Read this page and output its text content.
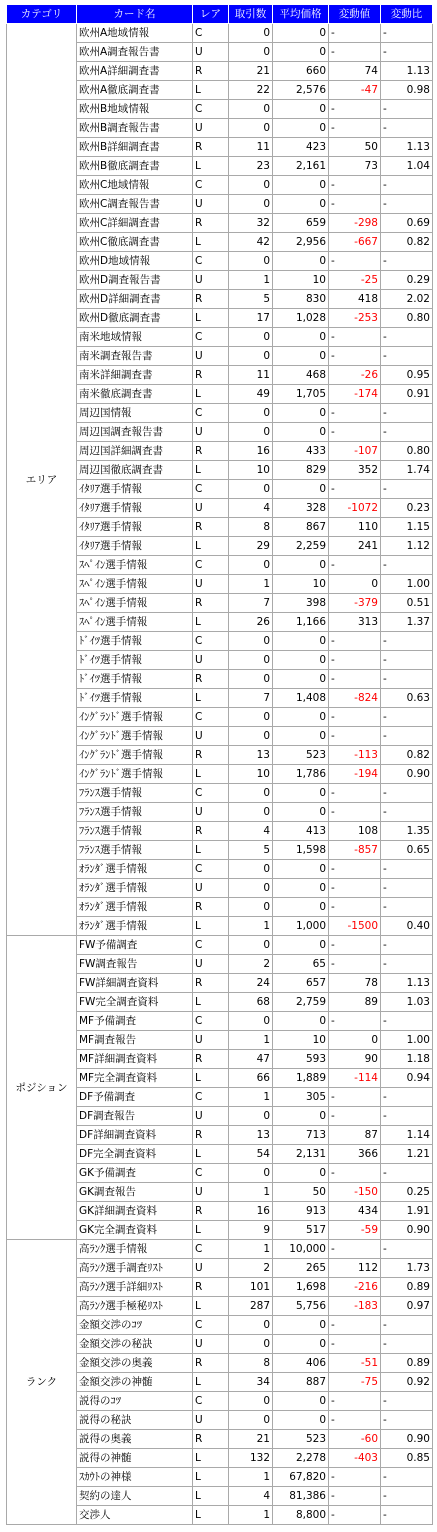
カテゴリ	カード名	レア	取引数	平均価格	変動値	変動比
エリア	欧州A地域情報	C	0	0	-	-
	欧州A調査報告書	U	0	0	-	-
	欧州A詳細調査書	R	21	660	74	1.13
	欧州A徹底調査書	L	22	2,576	-47	0.98
	欧州B地域情報	C	0	0	-	-
	欧州B調査報告書	U	0	0	-	-
	欧州B詳細調査書	R	11	423	50	1.13
	欧州B徹底調査書	L	23	2,161	73	1.04
	欧州C地域情報	C	0	0	-	-
	欧州C調査報告書	U	0	0	-	-
	欧州C詳細調査書	R	32	659	-298	0.69
	欧州C徹底調査書	L	42	2,956	-667	0.82
	欧州D地域情報	C	0	0	-	-
	欧州D調査報告書	U	1	10	-25	0.29
	欧州D詳細調査書	R	5	830	418	2.02
	欧州D徹底調査書	L	17	1,028	-253	0.80
	南米地域情報	C	0	0	-	-
	南米調査報告書	U	0	0	-	-
	南米詳細調査書	R	11	468	-26	0.95
	南米徹底調査書	L	49	1,705	-174	0.91
	周辺国情報	C	0	0	-	-
	周辺国調査報告書	U	0	0	-	-
	周辺国詳細調査書	R	16	433	-107	0.80
	周辺国徹底調査書	L	10	829	352	1.74
	ｲﾀﾘｱ選手情報	C	0	0	-	-
	ｲﾀﾘｱ選手情報	U	4	328	-1072	0.23
	ｲﾀﾘｱ選手情報	R	8	867	110	1.15
	ｲﾀﾘｱ選手情報	L	29	2,259	241	1.12
	ｽﾍﾟｲﾝ選手情報	C	0	0	-	-
	ｽﾍﾟｲﾝ選手情報	U	1	10	0	1.00
	ｽﾍﾟｲﾝ選手情報	R	7	398	-379	0.51
	ｽﾍﾟｲﾝ選手情報	L	26	1,166	313	1.37
	ﾄﾞｲﾂ選手情報	C	0	0	-	-
	ﾄﾞｲﾂ選手情報	U	0	0	-	-
	ﾄﾞｲﾂ選手情報	R	0	0	-	-
	ﾄﾞｲﾂ選手情報	L	7	1,408	-824	0.63
	ｲﾝｸﾞﾗﾝﾄﾞ選手情報	C	0	0	-	-
	ｲﾝｸﾞﾗﾝﾄﾞ選手情報	U	0	0	-	-
	ｲﾝｸﾞﾗﾝﾄﾞ選手情報	R	13	523	-113	0.82
	ｲﾝｸﾞﾗﾝﾄﾞ選手情報	L	10	1,786	-194	0.90
	ﾌﾗﾝｽ選手情報	C	0	0	-	-
	ﾌﾗﾝｽ選手情報	U	0	0	-	-
	ﾌﾗﾝｽ選手情報	R	4	413	108	1.35
	ﾌﾗﾝｽ選手情報	L	5	1,598	-857	0.65
	ｵﾗﾝﾀﾞ選手情報	C	0	0	-	-
	ｵﾗﾝﾀﾞ選手情報	U	0	0	-	-
	ｵﾗﾝﾀﾞ選手情報	R	0	0	-	-
	ｵﾗﾝﾀﾞ選手情報	L	1	1,000	-1500	0.40
ポジション	FW予備調査	C	0	0	-	-
	FW調査報告	U	2	65	-	-
	FW詳細調査資料	R	24	657	78	1.13
	FW完全調査資料	L	68	2,759	89	1.03
	MF予備調査	C	0	0	-	-
	MF調査報告	U	1	10	0	1.00
	MF詳細調査資料	R	47	593	90	1.18
	MF完全調査資料	L	66	1,889	-114	0.94
	DF予備調査	C	1	305	-	-
	DF調査報告	U	0	0	-	-
	DF詳細調査資料	R	13	713	87	1.14
	DF完全調査資料	L	54	2,131	366	1.21
	GK予備調査	C	0	0	-	-
	GK調査報告	U	1	50	-150	0.25
	GK詳細調査資料	R	16	913	434	1.91
	GK完全調査資料	L	9	517	-59	0.90
ランク	高ﾗﾝｸ選手情報	C	1	10,000	-	-
	高ﾗﾝｸ選手調査ﾘｽﾄ	U	2	265	112	1.73
	高ﾗﾝｸ選手詳細ﾘｽﾄ	R	101	1,698	-216	0.89
	高ﾗﾝｸ選手極秘ﾘｽﾄ	L	287	5,756	-183	0.97
	金額交渉のｺﾂ	C	0	0	-	-
	金額交渉の秘訣	U	0	0	-	-
	金額交渉の奥義	R	8	406	-51	0.89
	金額交渉の神髄	L	34	887	-75	0.92
	説得のｺﾂ	C	0	0	-	-
	説得の秘訣	U	0	0	-	-
	説得の奥義	R	21	523	-60	0.90
	説得の神髄	L	132	2,278	-403	0.85
	ｽｶｳﾄの神様	L	1	67,820	-	-
	契約の達人	L	4	81,386	-	-
	交渉人	L	1	8,800	-	-
